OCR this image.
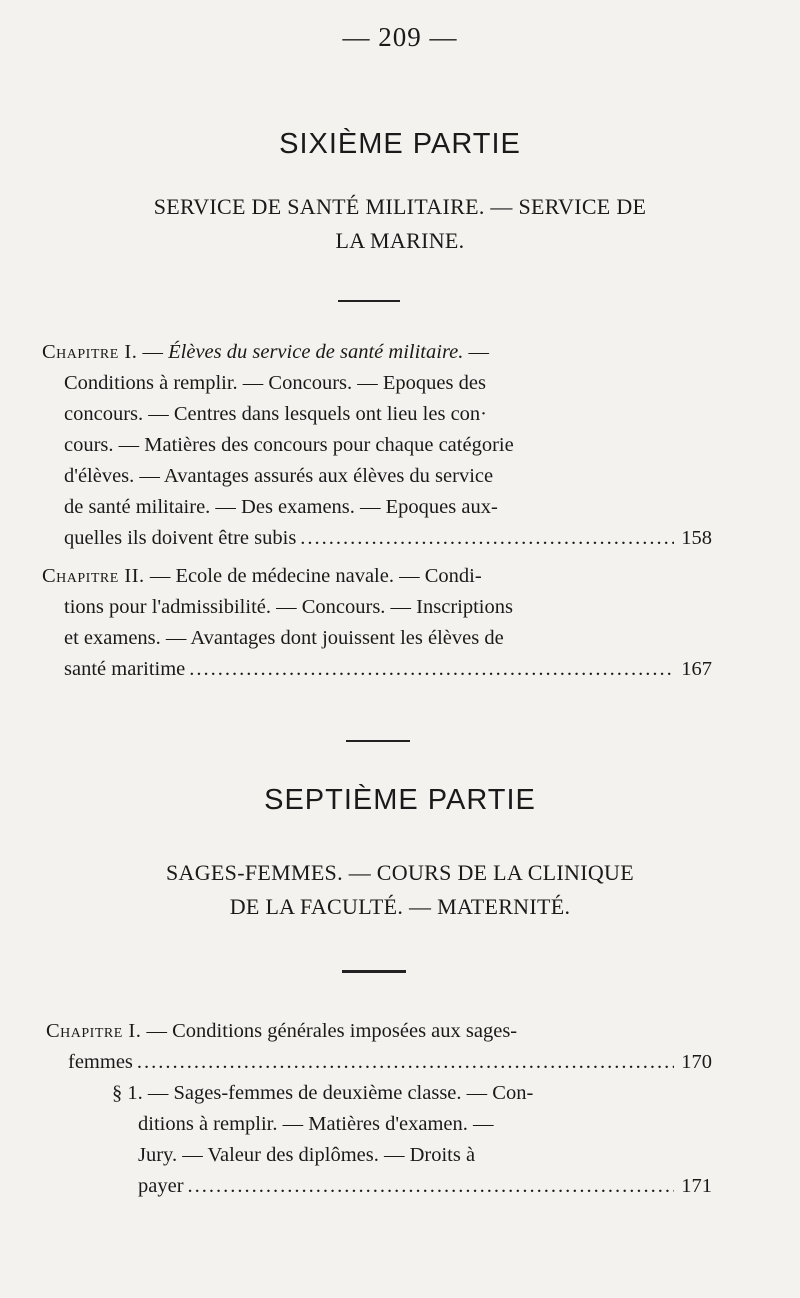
— 209 —
SIXIÈME PARTIE
SERVICE DE SANTÉ MILITAIRE. — SERVICE DE
LA MARINE.
Chapitre I. — Élèves du service de santé militaire. —
Conditions à remplir. — Concours. — Epoques des
concours. — Centres dans lesquels ont lieu les con·
cours. — Matières des concours pour chaque catégorie
d'élèves. — Avantages assurés aux élèves du service
de santé militaire. — Des examens. — Epoques aux-
quelles ils doivent être subis .....	158
Chapitre II. — Ecole de médecine navale. — Condi-
tions pour l'admissibilité. — Concours. — Inscriptions
et examens. — Avantages dont jouissent les élèves de
santé maritime .....	167
SEPTIÈME PARTIE
SAGES-FEMMES. — COURS DE LA CLINIQUE
DE LA FACULTÉ. — MATERNITÉ.
Chapitre I. — Conditions générales imposées aux sages-
femmes .....	170
§ 1. — Sages-femmes de deuxième classe. — Con-
ditions à remplir. — Matières d'examen. —
Jury. — Valeur des diplômes. — Droits à
payer .....	171
